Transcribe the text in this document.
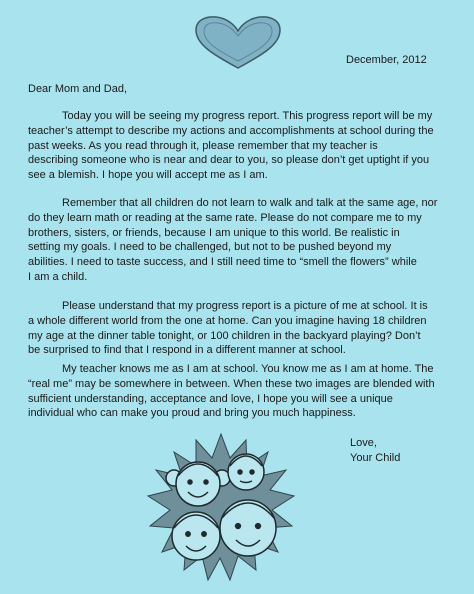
December, 2012
Dear Mom and Dad,

Today you will be seeing my progress report. This progress report will be my
teacher’s attempt to describe my actions and accomplishments at school during the
past weeks. As you read through it, please remember that my teacher is
describing someone who is near and dear to you, so please don’t get uptight if you
see a blemish. I hope you will accept me as I am.

Remember that all children do not learn to walk and talk at the same age, nor
do they learn math or reading at the same rate. Please do not compare me to my
brothers, sisters, or friends, because I am unique to this world. Be realistic in
setting my goals. I need to be challenged, but not to be pushed beyond my
abilities. I need to taste success, and I still need time to “smell the flowers” while
I am a child.

Please understand that my progress report is a picture of me at school. It is
a whole different world from the one at home. Can you imagine having 18 children
my age at the dinner table tonight, or 100 children in the backyard playing? Don’t
be surprised to find that I respond in a different manner at school.

My teacher knows me as I am at school. You know me as I am at home. The
“real me” may be somewhere in between. When these two images are blended with
sufficient understanding, acceptance and love, I hope you will see a unique
individual who can make you proud and bring you much happiness.

Love,
Your Child
